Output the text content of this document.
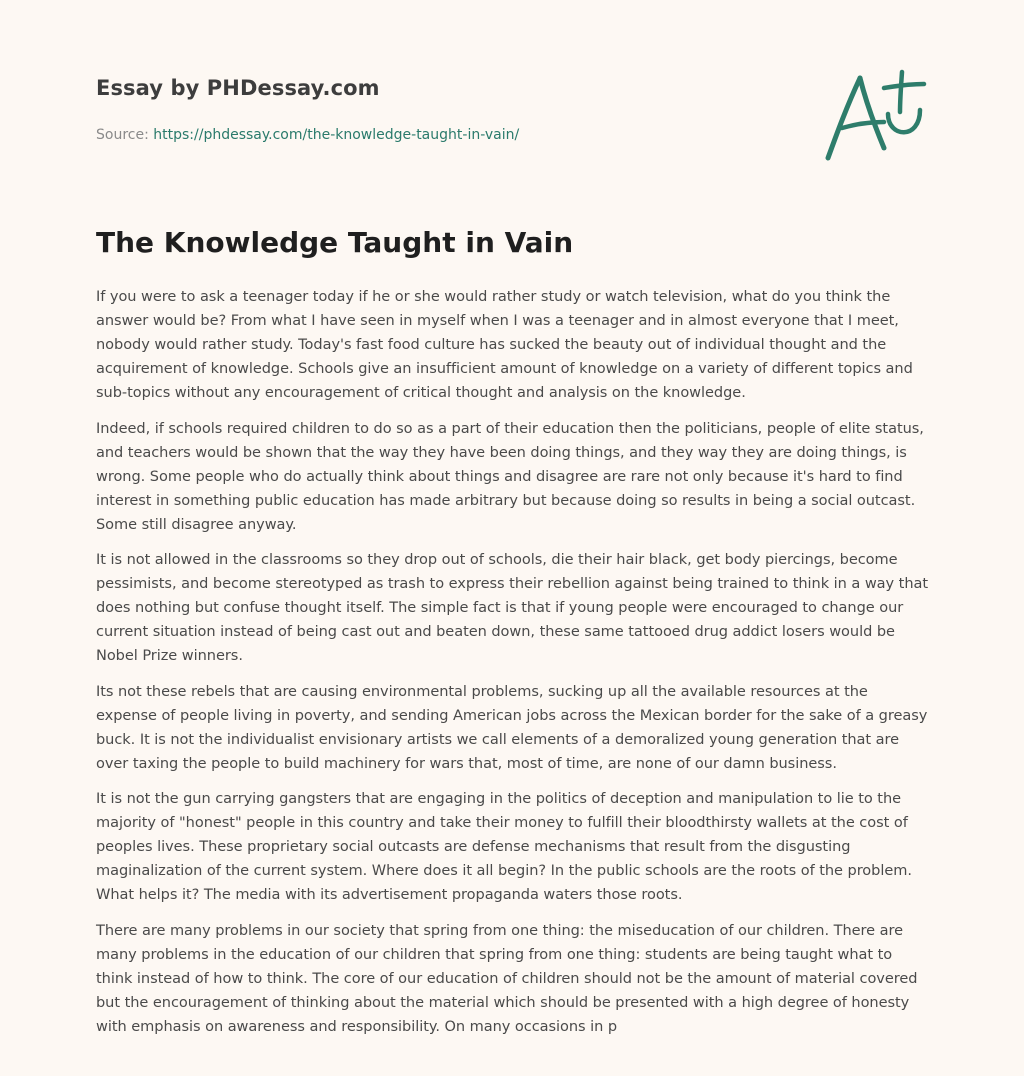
Essay by PHDessay.com
Source: https://phdessay.com/the-knowledge-taught-in-vain/
The Knowledge Taught in Vain

If you were to ask a teenager today if he or she would rather study or watch television, what do you think the answer would be? From what I have seen in myself when I was a teenager and in almost everyone that I meet, nobody would rather study. Today's fast food culture has sucked the beauty out of individual thought and the acquirement of knowledge. Schools give an insufficient amount of knowledge on a variety of different topics and sub-topics without any encouragement of critical thought and analysis on the knowledge.

Indeed, if schools required children to do so as a part of their education then the politicians, people of elite status, and teachers would be shown that the way they have been doing things, and they way they are doing things, is wrong. Some people who do actually think about things and disagree are rare not only because it's hard to find interest in something public education has made arbitrary but because doing so results in being a social outcast. Some still disagree anyway.

It is not allowed in the classrooms so they drop out of schools, die their hair black, get body piercings, become pessimists, and become stereotyped as trash to express their rebellion against being trained to think in a way that does nothing but confuse thought itself. The simple fact is that if young people were encouraged to change our current situation instead of being cast out and beaten down, these same tattooed drug addict losers would be Nobel Prize winners.

Its not these rebels that are causing environmental problems, sucking up all the available resources at the expense of people living in poverty, and sending American jobs across the Mexican border for the sake of a greasy buck. It is not the individualist envisionary artists we call elements of a demoralized young generation that are over taxing the people to build machinery for wars that, most of time, are none of our damn business.

It is not the gun carrying gangsters that are engaging in the politics of deception and manipulation to lie to the majority of "honest" people in this country and take their money to fulfill their bloodthirsty wallets at the cost of peoples lives. These proprietary social outcasts are defense mechanisms that result from the disgusting maginalization of the current system. Where does it all begin? In the public schools are the roots of the problem. What helps it? The media with its advertisement propaganda waters those roots.

There are many problems in our society that spring from one thing: the miseducation of our children. There are many problems in the education of our children that spring from one thing: students are being taught what to think instead of how to think. The core of our education of children should not be the amount of material covered but the encouragement of thinking about the material which should be presented with a high degree of honesty with emphasis on awareness and responsibility. On many occasions in p
